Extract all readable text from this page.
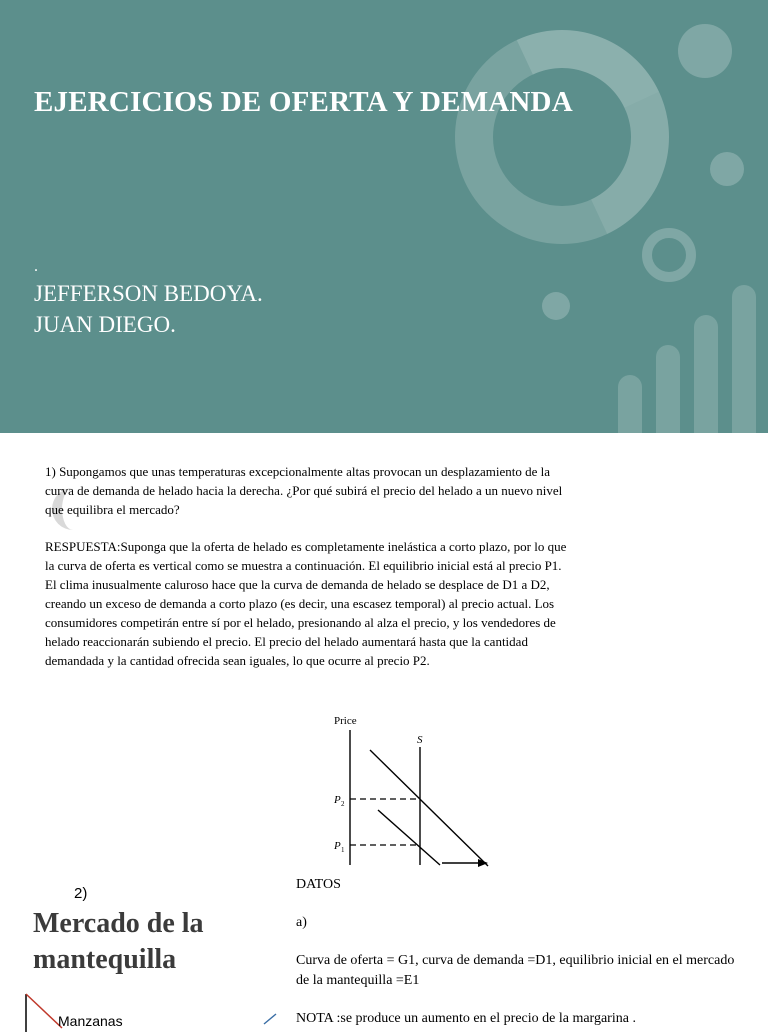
EJERCICIOS DE OFERTA Y DEMANDA
.
JEFFERSON BEDOYA.
JUAN DIEGO.

1) Supongamos que unas temperaturas excepcionalmente altas provocan un desplazamiento de la curva de demanda de helado hacia la derecha. ¿Por qué subirá el precio del helado a un nuevo nivel que equilibra el mercado?

RESPUESTA:Suponga que la oferta de helado es completamente inelástica a corto plazo, por lo que la curva de oferta es vertical como se muestra a continuación. El equilibrio inicial está al precio P1. El clima inusualmente caluroso hace que la curva de demanda de helado se desplace de D1 a D2, creando un exceso de demanda a corto plazo (es decir, una escasez temporal) al precio actual. Los consumidores competirán entre sí por el helado, presionando al alza el precio, y los vendedores de helado reaccionarán subiendo el precio. El precio del helado aumentará hasta que la cantidad demandada y la cantidad ofrecida sean iguales, lo que ocurre al precio P2.

Price
S
P 2
P 1
2)
Mercado de la mantequilla
DATOS
a)
Curva de oferta = G1, curva de demanda =D1, equilibrio inicial en el mercado de la mantequilla =E1
NOTA :se produce un aumento en el precio de la margarina .
Manzanas
